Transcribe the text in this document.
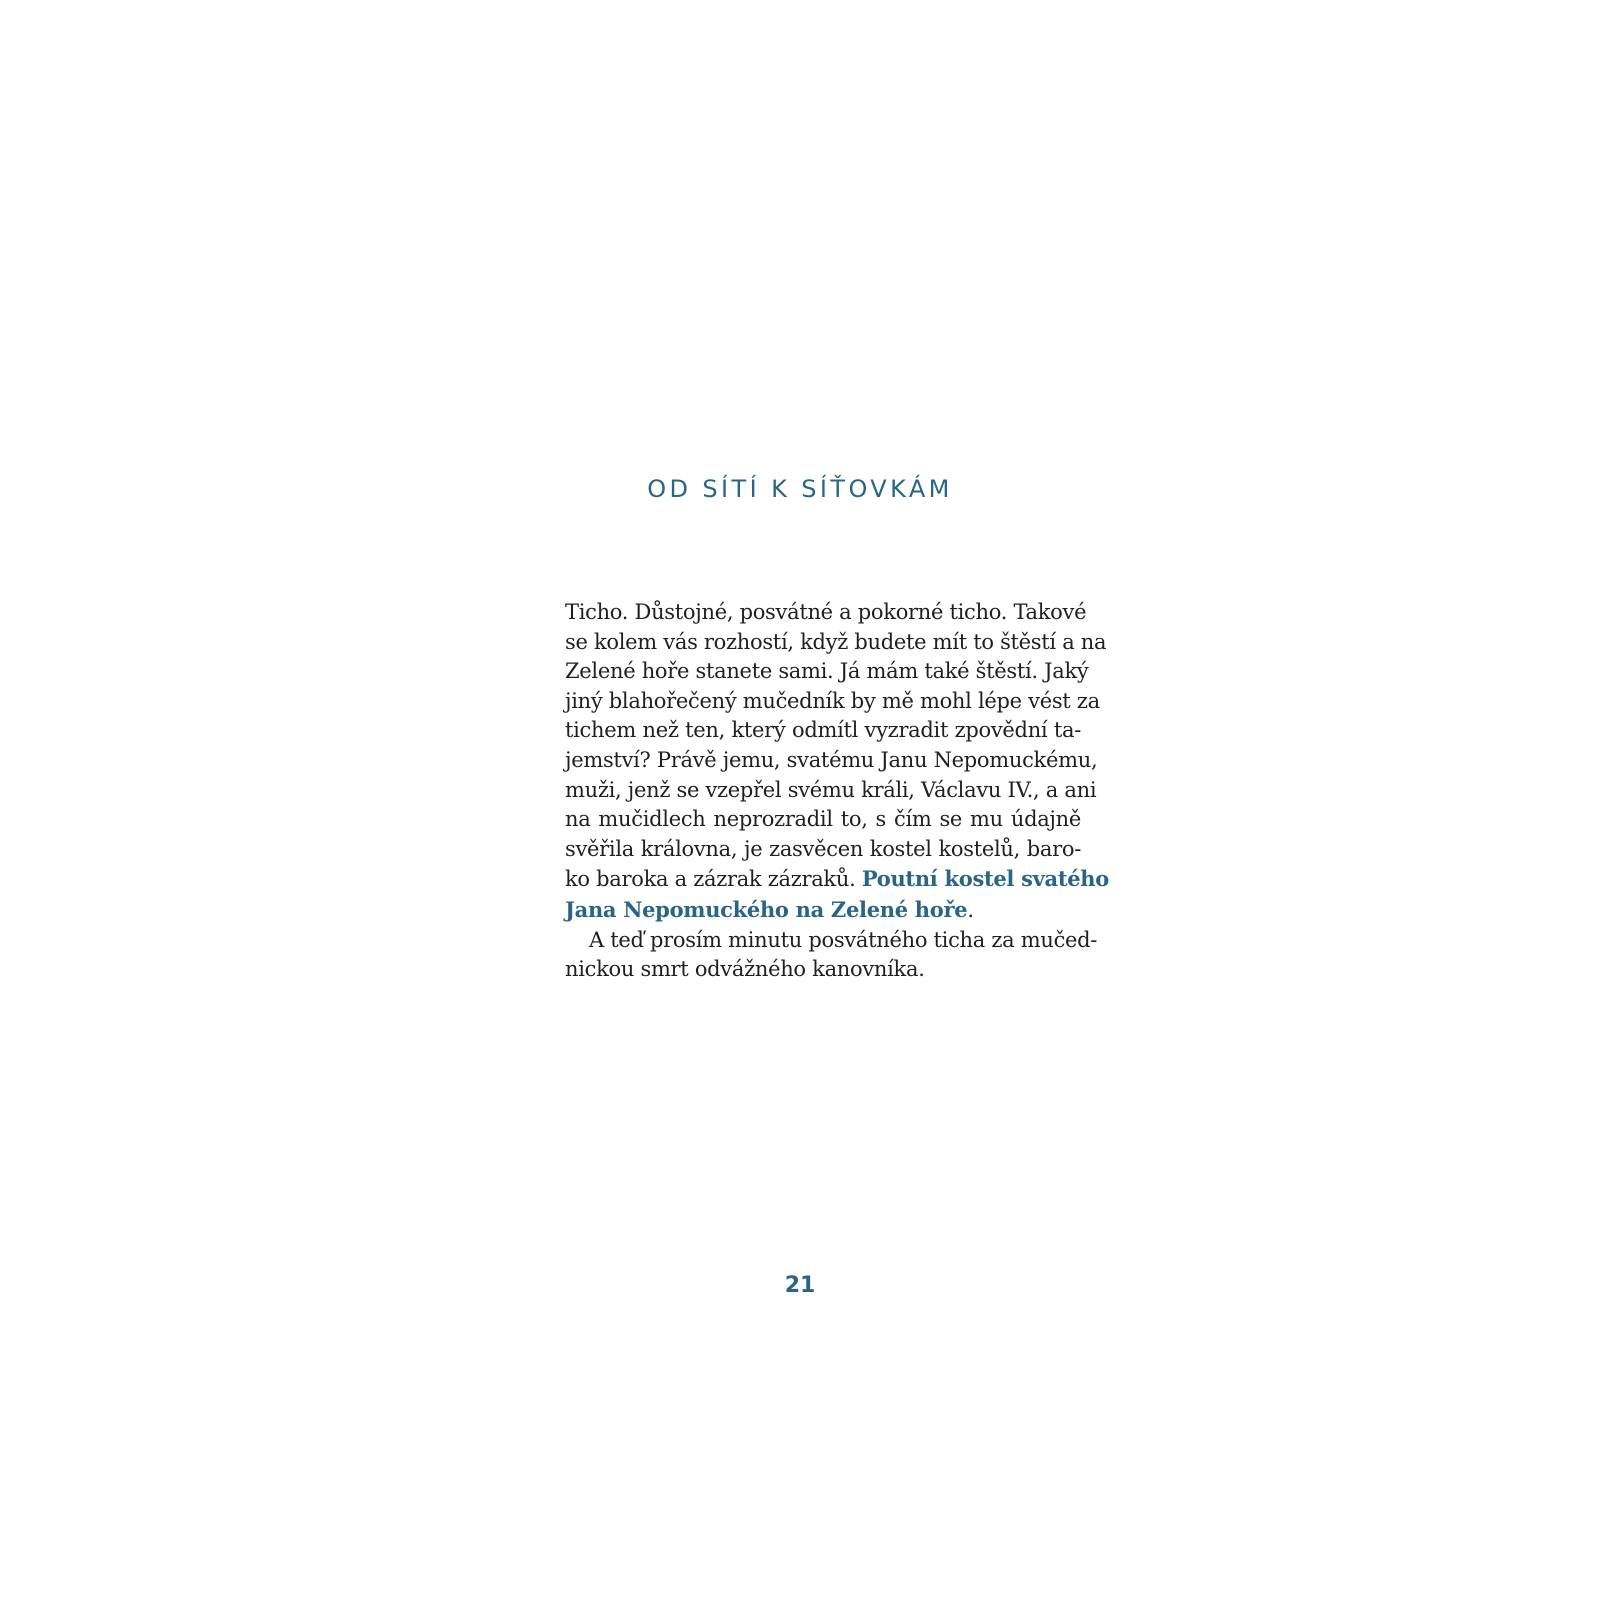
OD SÍTÍ K SÍŤOVKÁM
Ticho. Důstojné, posvátné a pokorné ticho. Takové
se kolem vás rozhostí, když budete mít to štěstí a na
Zelené hoře stanete sami. Já mám také štěstí. Jaký
jiný blahořečený mučedník by mě mohl lépe vést za
tichem než ten, který odmítl vyzradit zpovědní ta-
jemství? Právě jemu, svatému Janu Nepomuckému,
muži, jenž se vzepřel svému králi, Václavu IV., a ani
na mučidlech neprozradil to, s čím se mu údajně
svěřila královna, je zasvěcen kostel kostelů, baro-
ko baroka a zázrak zázraků. Poutní kostel svatého
Jana Nepomuckého na Zelené hoře.
A teď prosím minutu posvátného ticha za mučed-
nickou smrt odvážného kanovníka.
21
